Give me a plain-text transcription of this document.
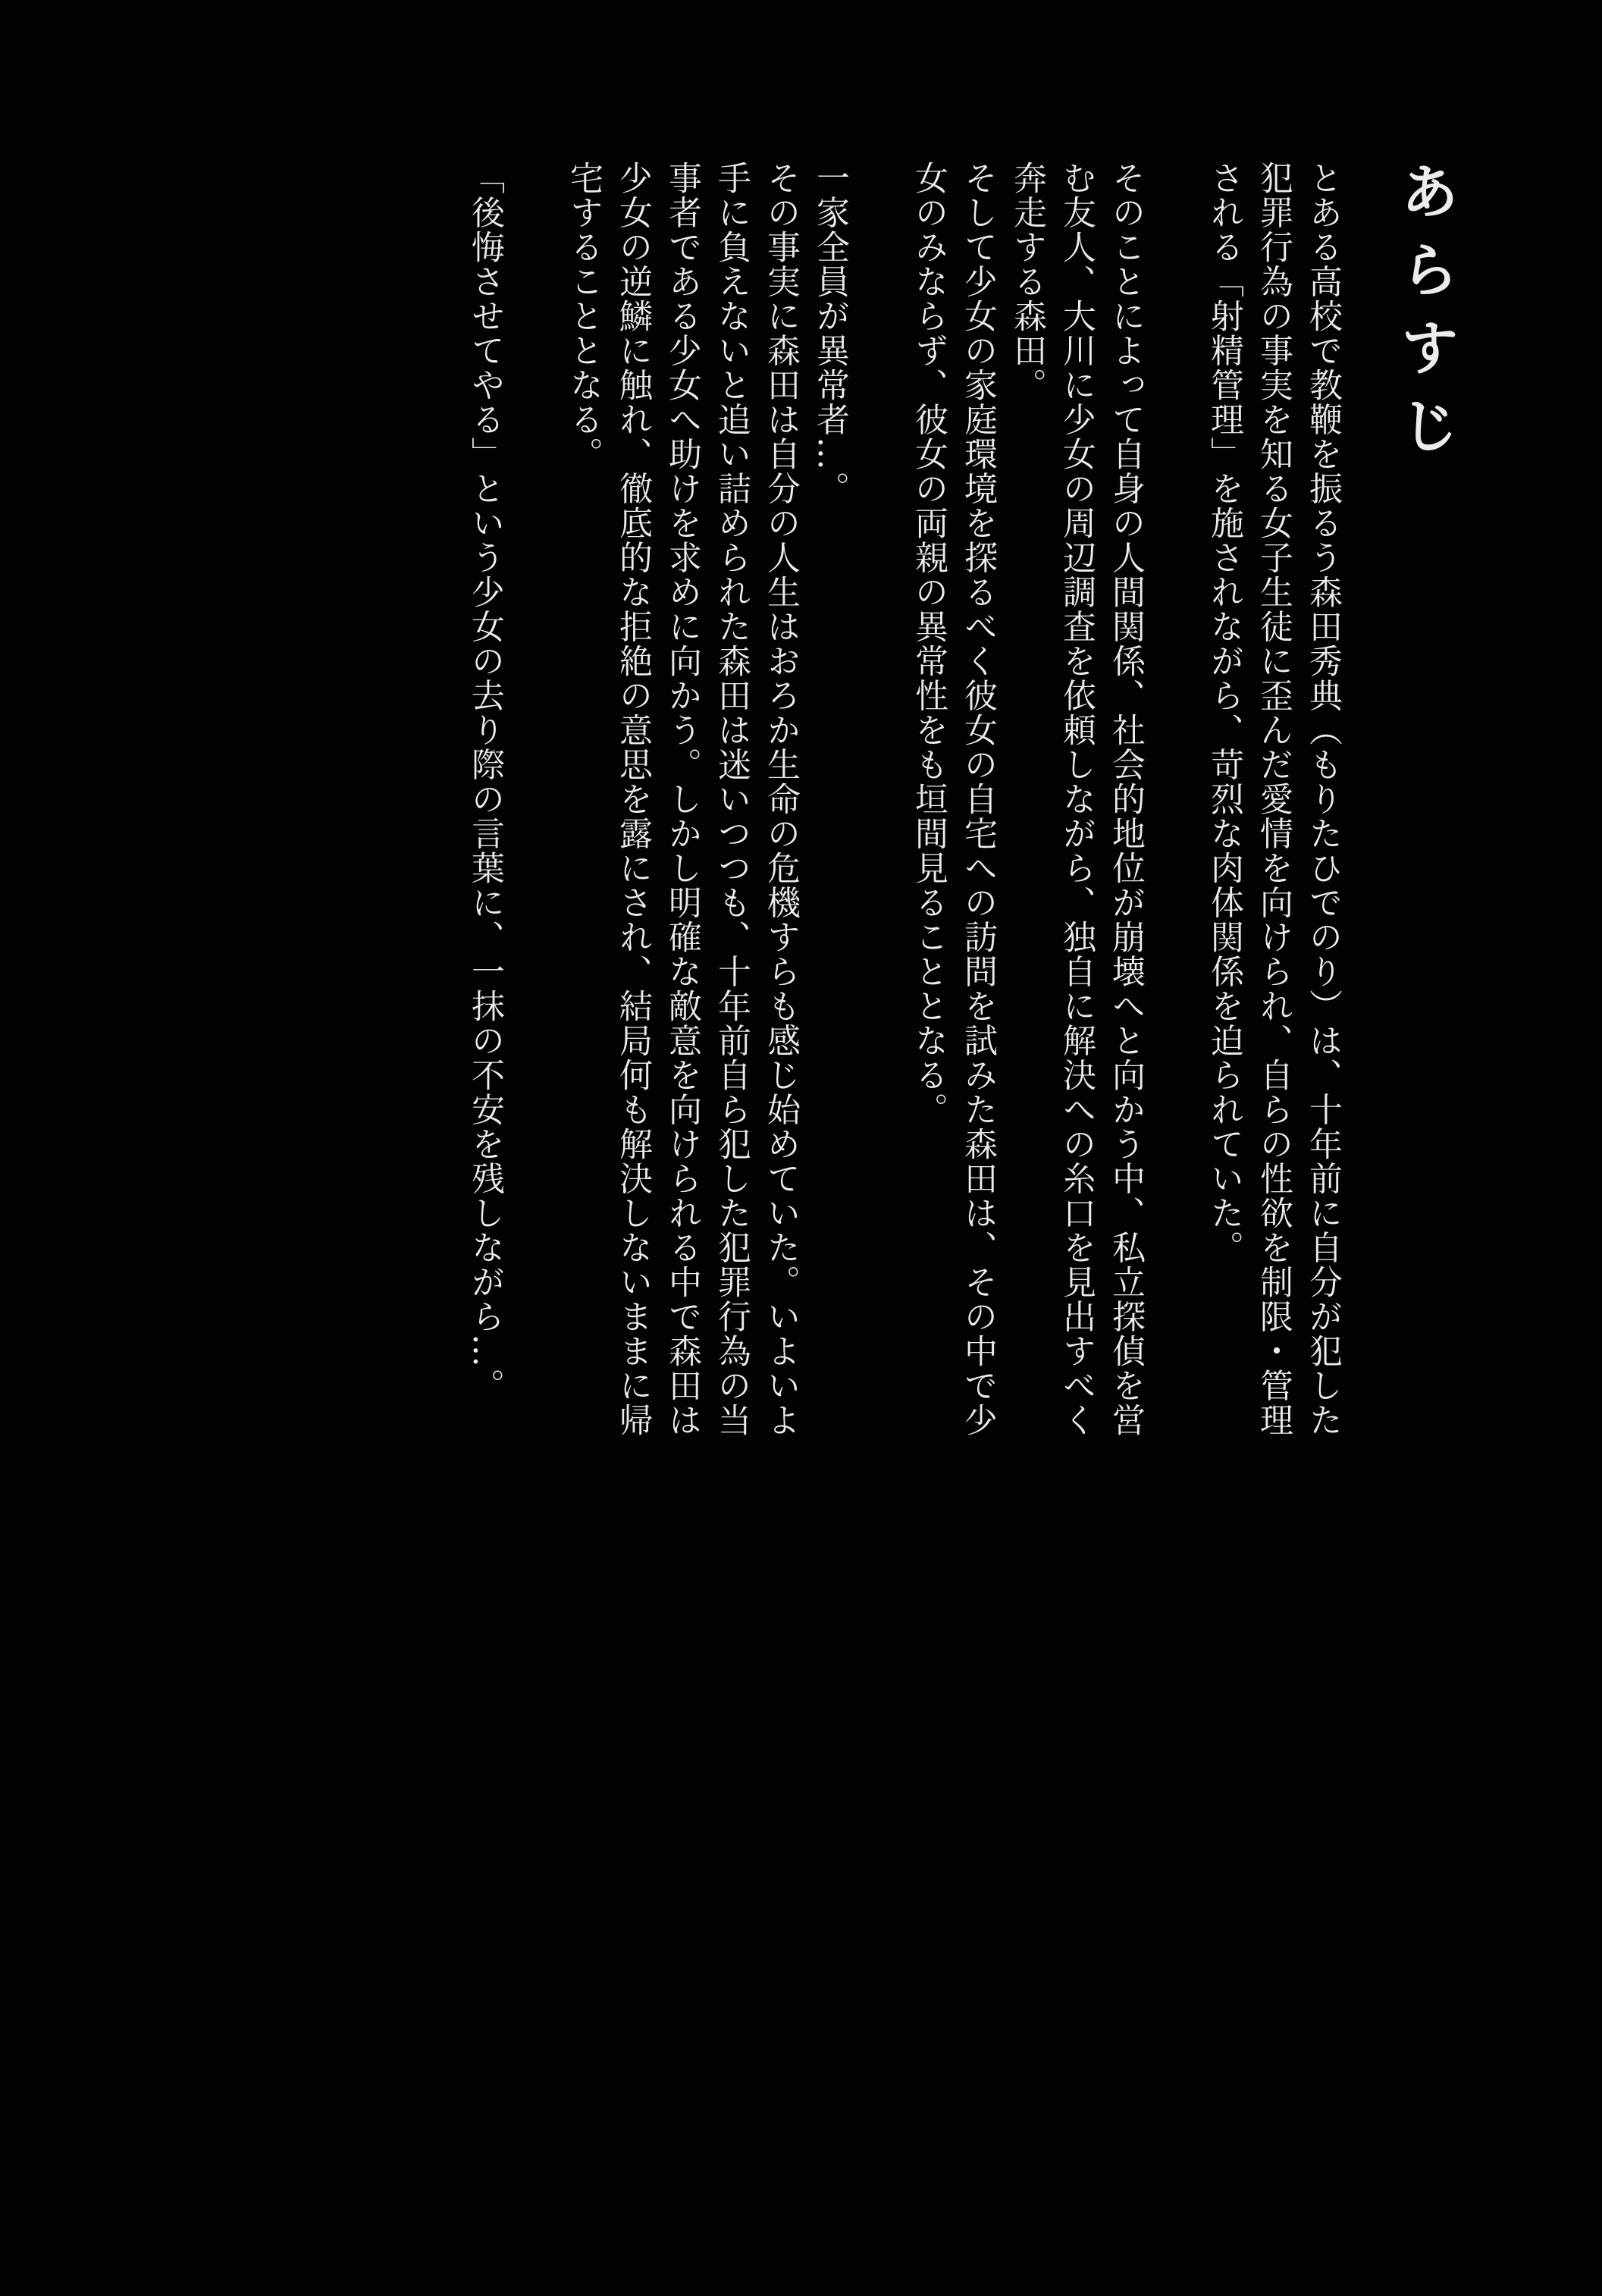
あらすじ

とある高校で教鞭を振るう森田秀典（もりたひでのり）は、十年前に自分が犯した犯罪行為の事実を知る女子生徒に歪んだ愛情を向けられ、自らの性欲を制限・管理される「射精管理」を施されながら、苛烈な肉体関係を迫られていた。

そのことによって自身の人間関係、社会的地位が崩壊へと向かう中、私立探偵を営む友人、大川に少女の周辺調査を依頼しながら、独自に解決への糸口を見出すべく奔走する森田。

そして少女の家庭環境を探るべく彼女の自宅への訪問を試みた森田は、その中で少女のみならず、彼女の両親の異常性をも垣間見ることとなる。

一家全員が異常者…。

その事実に森田は自分の人生はおろか生命の危機すらも感じ始めていた。いよいよ手に負えないと追い詰められた森田は迷いつつも、十年前自ら犯した犯罪行為の当事者である少女へ助けを求めに向かう。しかし明確な敵意を向けられる中で森田は少女の逆鱗に触れ、徹底的な拒絶の意思を露にされ、結局何も解決しないままに帰宅することとなる。

「後悔させてやる」という少女の去り際の言葉に、一抹の不安を残しながら…。
